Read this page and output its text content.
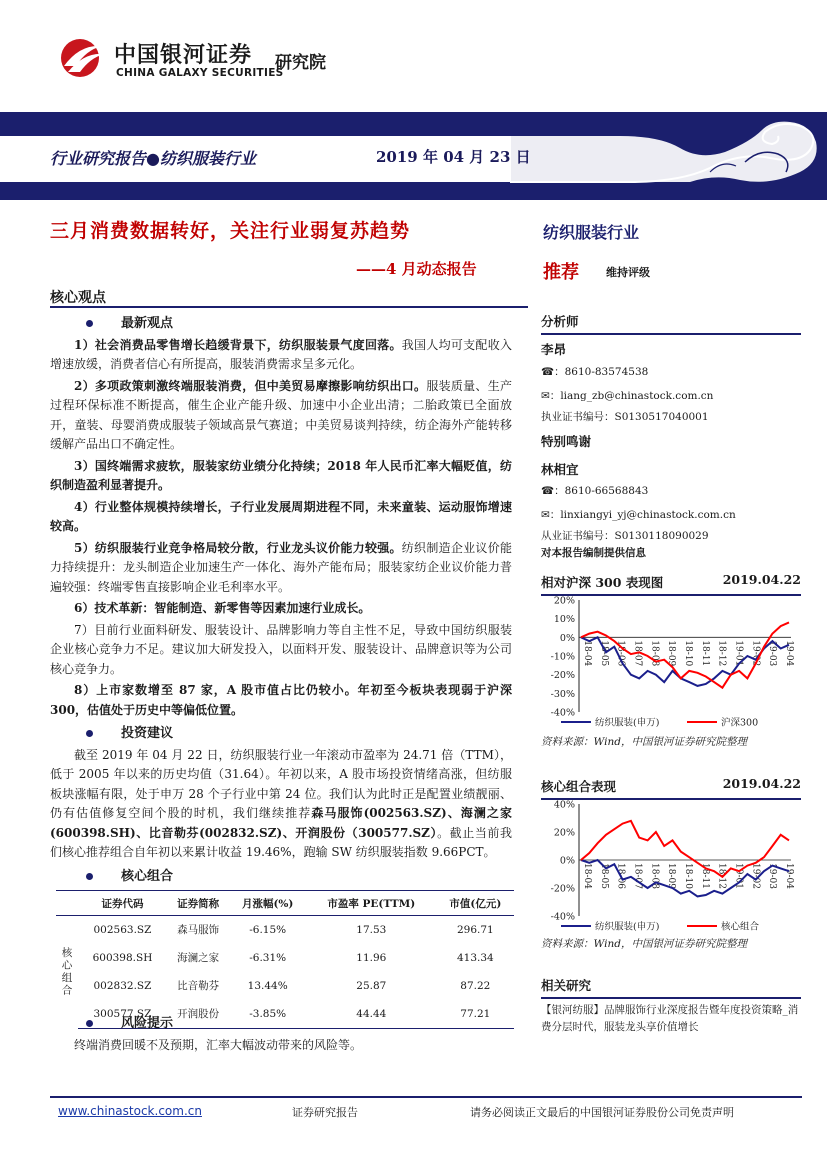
中国银河证券
CHINA GALAXY SECURITIES
研究院
行业研究报告●纺织服装行业	2019 年 04 月 23 日
三月消费数据转好，关注行业弱复苏趋势
——4 月动态报告
核心观点
最新观点

1）社会消费品零售增长趋缓背景下，纺织服装景气度回落。我国人均可支配收入增速放缓，消费者信心有所提高，服装消费需求呈多元化。

2）多项政策刺激终端服装消费，但中美贸易摩擦影响纺织出口。服装质量、生产过程环保标准不断提高，催生企业产能升级、加速中小企业出清；二胎政策已全面放开，童装、母婴消费成服装子领域高景气赛道；中美贸易谈判持续，纺企海外产能转移缓解产品出口不确定性。

3）国终端需求疲软，服装家纺业绩分化持续；2018 年人民币汇率大幅贬值，纺织制造盈利显著提升。

4）行业整体规模持续增长，子行业发展周期进程不同，未来童装、运动服饰增速较高。

5）纺织服装行业竞争格局较分散，行业龙头议价能力较强。纺织制造企业议价能力持续提升：龙头制造企业加速生产一体化、海外产能布局；服装家纺企业议价能力普遍较强：终端零售直接影响企业毛利率水平。

6）技术革新：智能制造、新零售等因素加速行业成长。

7）目前行业面料研发、服装设计、品牌影响力等自主性不足，导致中国纺织服装企业核心竞争力不足。建议加大研发投入，以面料开发、服装设计、品牌意识等为公司核心竞争力。

8）上市家数增至 87 家，A 股市值占比仍较小。年初至今板块表现弱于沪深 300，估值处于历史中等偏低位置。

投资建议

截至 2019 年 04 月 22 日，纺织服装行业一年滚动市盈率为 24.71 倍（TTM），低于 2005 年以来的历史均值（31.64）。年初以来，A 股市场投资情绪高涨，但纺服板块涨幅有限，处于申万 28 个子行业中第 24 位。我们认为此时正是配置业绩靓丽、仍有估值修复空间个股的时机，我们继续推荐森马服饰(002563.SZ)、海澜之家(600398.SH)、比音勒芬(002832.SZ)、开润股份（300577.SZ）。截止当前我们核心推荐组合自年初以来累计收益 19.46%，跑输 SW 纺织服装指数 9.66PCT。

核心组合
	证券代码	证券简称	月涨幅(%)	市盈率 PE(TTM)	市值(亿元)
核心组合	002563.SZ	森马服饰	-6.15%	17.53	296.71
	600398.SH	海澜之家	-6.31%	11.96	413.34
	002832.SZ	比音勒芬	13.44%	25.87	87.22
	300577.SZ	开润股份	-3.85%	44.44	77.21
风险提示

终端消费回暖不及预期，汇率大幅波动带来的风险等。

纺织服装行业
推荐 维持评级
分析师
李昂
☎：8610-83574538
✉：liang_zb@chinastock.com.cn
执业证书编号：S0130517040001
特别鸣谢
林相宜
☎：8610-66568843
✉：linxiangyi_yj@chinastock.com.cn
从业证书编号：S0130118090029
对本报告编制提供信息
相对沪深 300 表现图	2019.04.22
20%
10%
0%
-10%
-20%
-30%
-40%
18-04 18-05 18-06 18-07 18-08 18-09 18-10 18-11 18-12 19-01 19-02 19-03 19-04
纺织服装(申万)	沪深300
资料来源：Wind，中国银河证券研究院整理
核心组合表现	2019.04.22
40%
20%
0%
-20%
-40%
18-04 18-05 18-06 18-07 18-08 18-09 18-10 18-11 18-12 19-01 19-02 19-03 19-04
纺织服装(申万)	核心组合
资料来源：Wind，中国银河证券研究院整理
相关研究
【银河纺服】品牌服饰行业深度报告暨年度投资策略_消费分层时代，服装龙头享价值增长
www.chinastock.com.cn	证券研究报告	请务必阅读正文最后的中国银河证券股份公司免责声明
